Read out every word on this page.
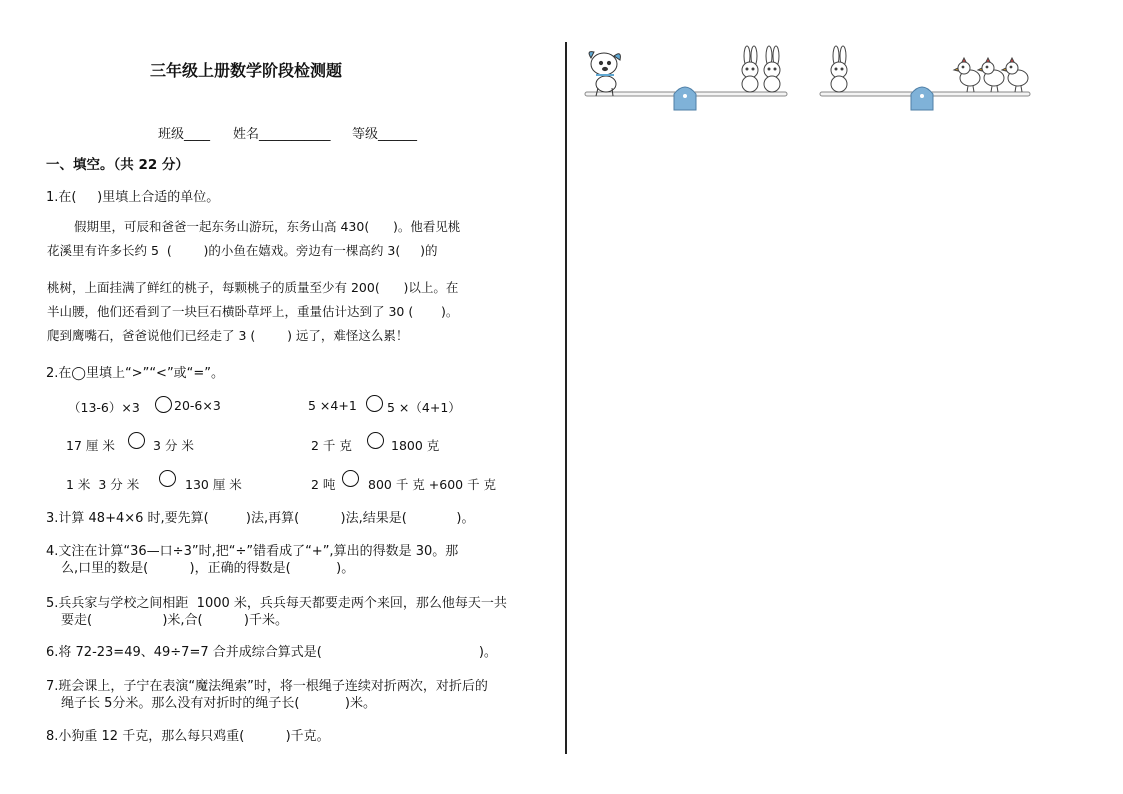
三年级上册数学阶段检测题
班级____ 姓名___________ 等级______
一、填空。（共 22 分）
1.在(     )里填上合适的单位。
假期里，可辰和爸爸一起东务山游玩，东务山高 430(      )。他看见桃
花溪里有许多长约 5  (        )的小鱼在嬉戏。旁边有一棵高约 3(     )的
桃树，上面挂满了鲜红的桃子，每颗桃子的质量至少有 200(      )以上。在
半山腰，他们还看到了一块巨石横卧草坪上，重量估计达到了 30 (       )。
爬到鹰嘴石，爸爸说他们已经走了 3 (        ) 远了，难怪这么累！
2.在◯里填上“>”“<”或“=”。
（13-6）×3	20-6×3	5 ×4+1 5 ×（4+1）
17 厘 米	3 分 米	2 千 克	1800 克
1 米  3 分 米	130 厘 米	2 吨	800 千 克 +600 千 克
3.计算 48+4×6 时,要先算(         )法,再算(          )法,结果是(            )。
4.文注在计算“36—口÷3”时,把“÷”错看成了“+”,算出的得数是 30。那
么,口里的数是(          )，正确的得数是(           )。
5.兵兵家与学校之间相距  1000 米，兵兵每天都要走两个来回，那么他每天一共
要走(                 )米,合(          )千米。
6.将 72-23=49、49÷7=7 合并成综合算式是(                                      )。
7.班会课上，子宁在表演“魔法绳索”时，将一根绳子连续对折两次，对折后的
绳子长 5分米。那么没有对折时的绳子长(           )米。
8.小狗重 12 千克，那么每只鸡重(          )千克。
